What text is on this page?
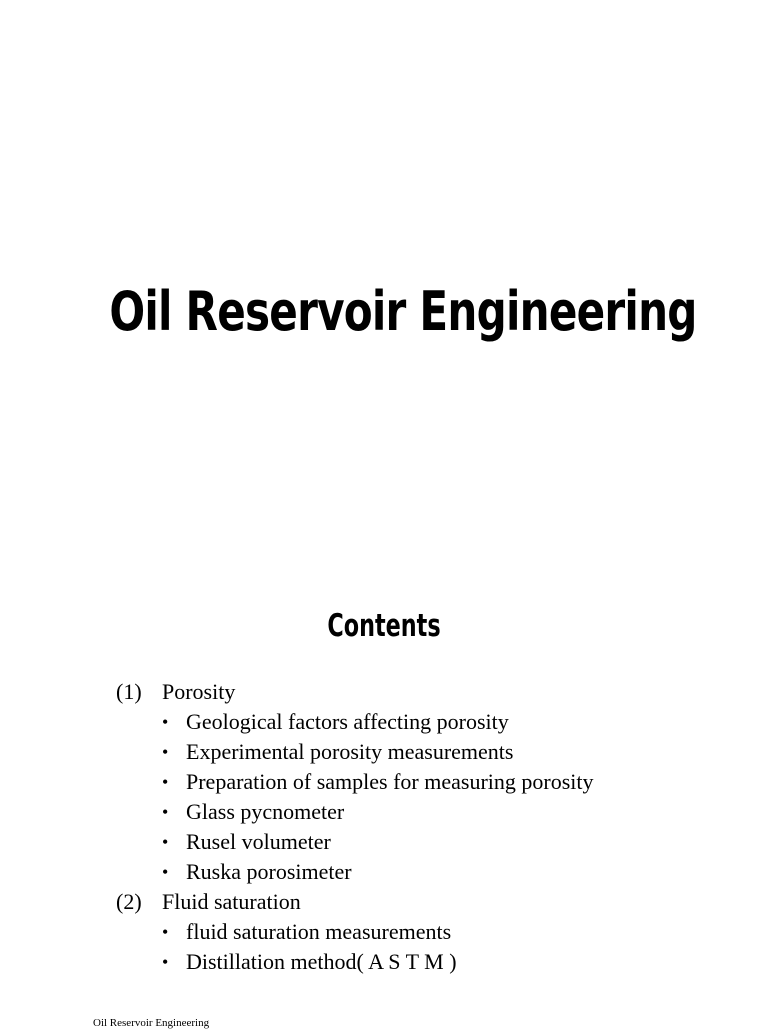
Oil Reservoir Engineering
Contents
(1) Porosity
• Geological factors affecting porosity
• Experimental porosity measurements
• Preparation of samples for measuring porosity
• Glass pycnometer
• Rusel volumeter
• Ruska porosimeter
(2) Fluid saturation
• fluid saturation measurements
• Distillation method( A S T M )
Oil Reservoir Engineering
